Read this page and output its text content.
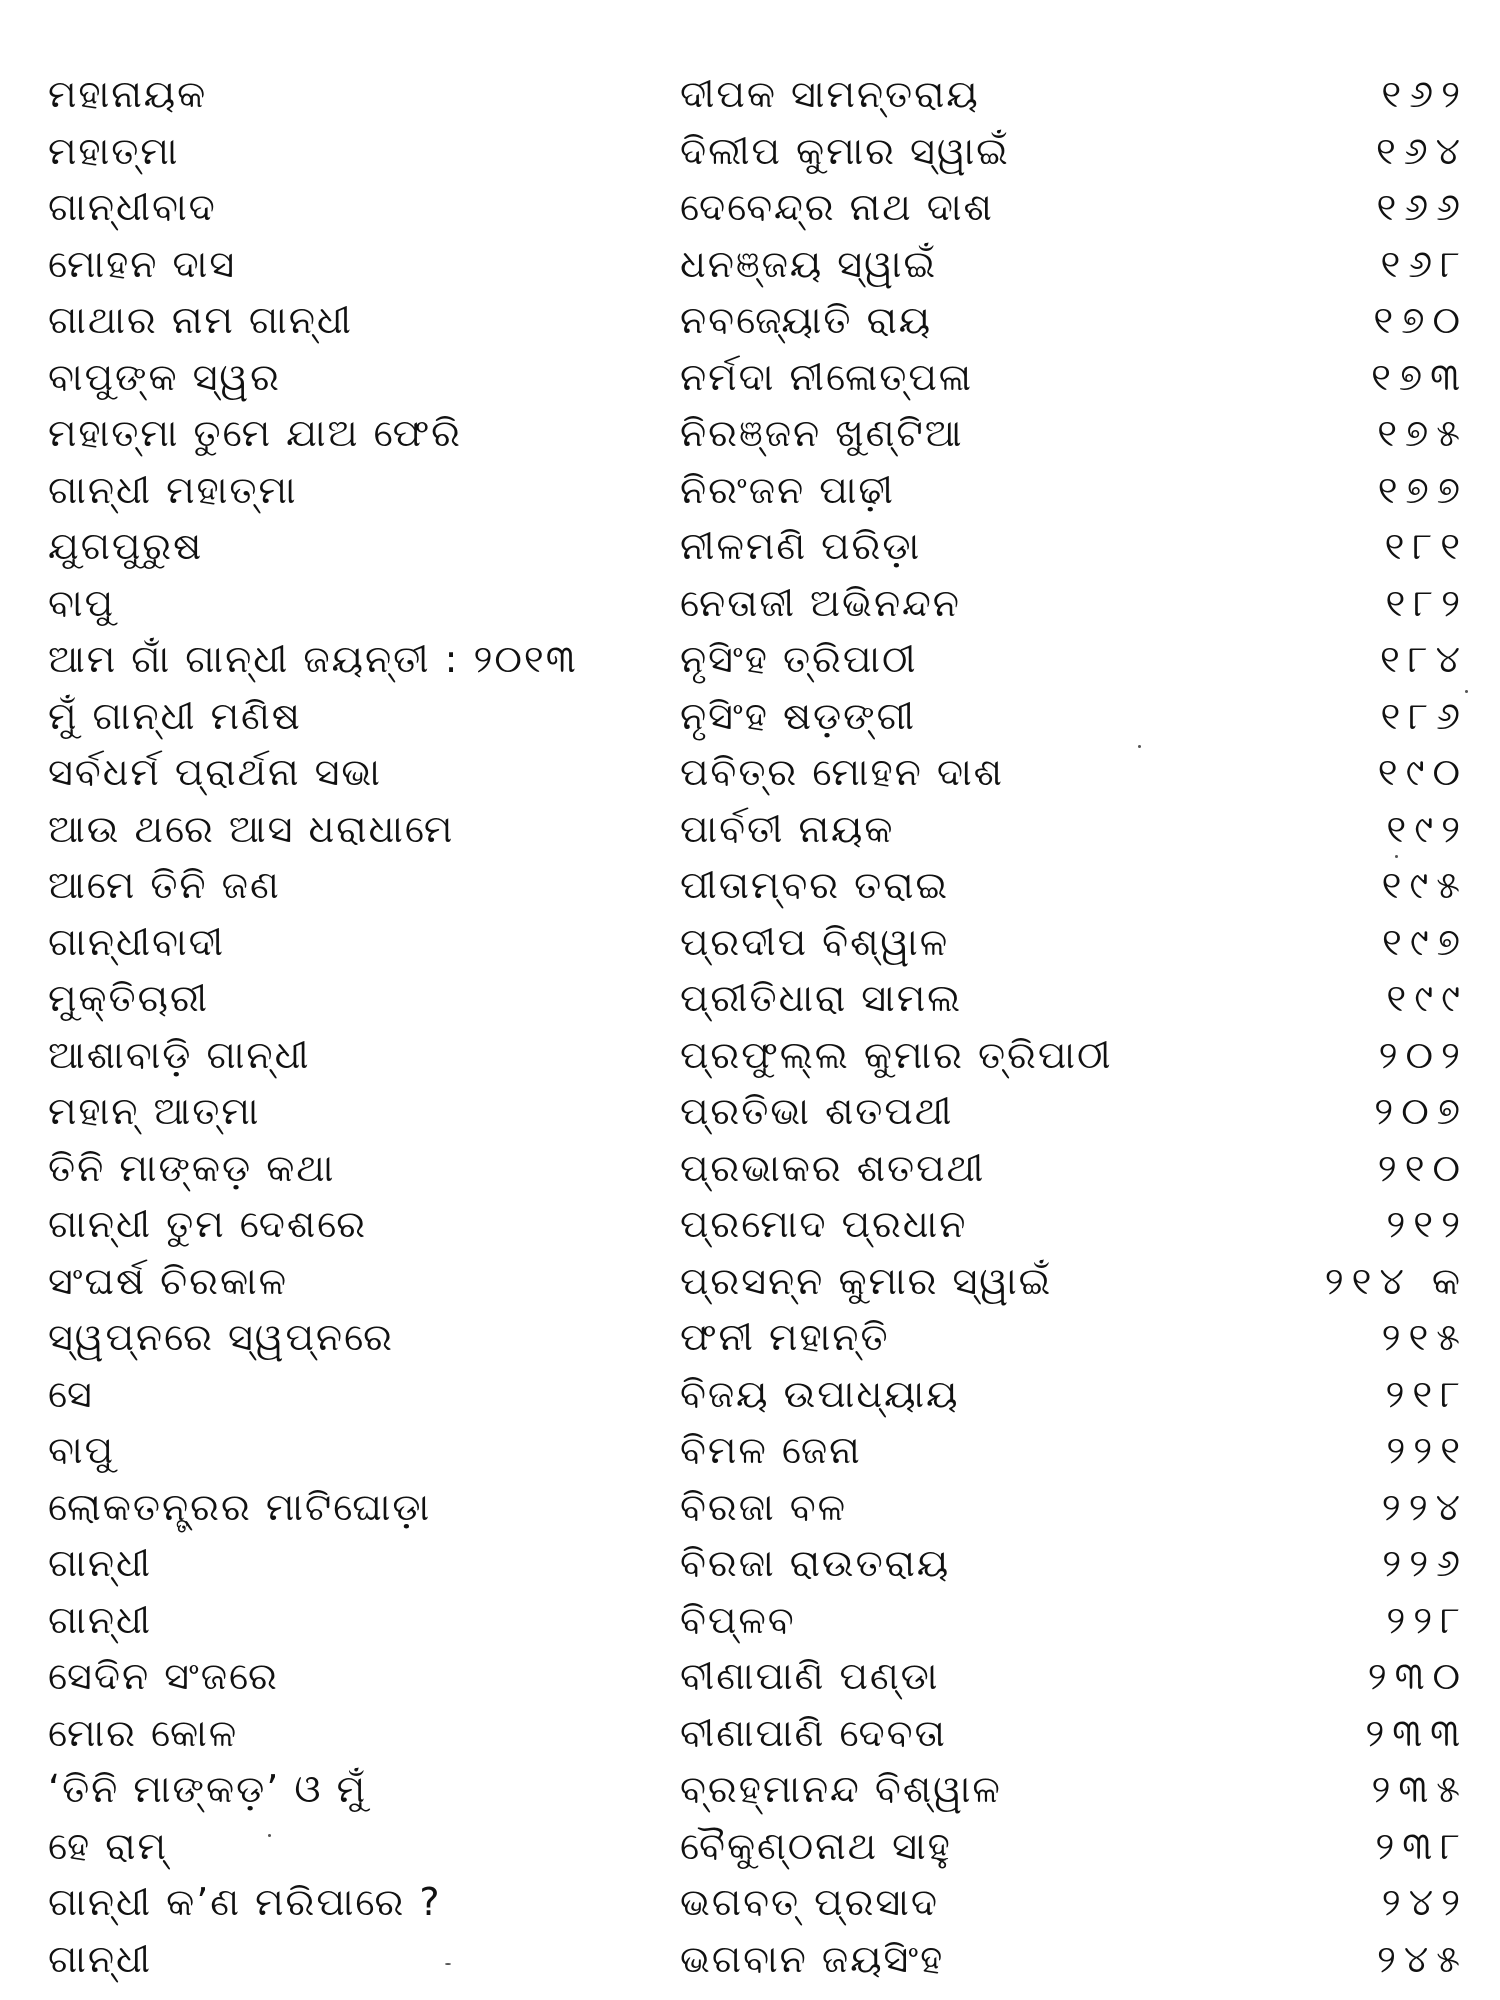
ମହାନାୟକ	ଦୀପକ ସାମନ୍ତରାୟ	୧୬୨
ମହାତ୍ମା	ଦିଲୀପ କୁମାର ସ୍ୱାଇଁ	୧୬୪
ଗାନ୍ଧୀବାଦ	ଦେବେନ୍ଦ୍ର ନାଥ ଦାଶ	୧୬୬
ମୋହନ ଦାସ	ଧନଞ୍ଜୟ ସ୍ୱାଇଁ	୧୬୮
ଗାଥାର ନାମ ଗାନ୍ଧୀ	ନବଜ୍ୟୋତି ରାୟ	୧୭୦
ବାପୁଙ୍କ ସ୍ୱର	ନର୍ମଦା ନୀଳୋତ୍ପଳା	୧୭୩
ମହାତ୍ମା ତୁମେ ଯାଅ ଫେରି	ନିରଞ୍ଜନ ଖୁଣ୍ଟିଆ	୧୭୫
ଗାନ୍ଧୀ ମହାତ୍ମା	ନିରଂଜନ ପାଢ଼ୀ	୧୭୭
ଯୁଗପୁରୁଷ	ନୀଳମଣି ପରିଡ଼ା	୧୮୧
ବାପୁ	ନେତାଜୀ ଅଭିନନ୍ଦନ	୧୮୨
ଆମ ଗାଁ ଗାନ୍ଧୀ ଜୟନ୍ତୀ : ୨୦୧୩	ନୃସିଂହ ତ୍ରିପାଠୀ	୧୮୪
ମୁଁ ଗାନ୍ଧୀ ମଣିଷ	ନୃସିଂହ ଷଡ଼ଙ୍ଗୀ	୧୮୬
ସର୍ବଧର୍ମ ପ୍ରାର୍ଥନା ସଭା	ପବିତ୍ର ମୋହନ ଦାଶ	୧୯୦
ଆଉ ଥରେ ଆସ ଧରାଧାମେ	ପାର୍ବତୀ ନାୟକ	୧୯୨
ଆମେ ତିନି ଜଣ	ପୀତାମ୍ବର ତରାଇ	୧୯୫
ଗାନ୍ଧୀବାଦୀ	ପ୍ରଦୀପ ବିଶ୍ୱାଳ	୧୯୭
ମୁକ୍ତିଚାରୀ	ପ୍ରୀତିଧାରା ସାମଲ	୧୯୯
ଆଶାବାଡ଼ି ଗାନ୍ଧୀ	ପ୍ରଫୁଲ୍ଲ କୁମାର ତ୍ରିପାଠୀ	୨୦୨
ମହାନ୍ ଆତ୍ମା	ପ୍ରତିଭା ଶତପଥୀ	୨୦୭
ତିନି ମାଙ୍କଡ଼ କଥା	ପ୍ରଭାକର ଶତପଥୀ	୨୧୦
ଗାନ୍ଧୀ ତୁମ ଦେଶରେ	ପ୍ରମୋଦ ପ୍ରଧାନ	୨୧୨
ସଂଘର୍ଷ ଚିରକାଳ	ପ୍ରସନ୍ନ କୁମାର ସ୍ୱାଇଁ	୨୧୪ କ
ସ୍ୱପ୍ନରେ ସ୍ୱପ୍ନରେ	ଫନୀ ମହାନ୍ତି	୨୧୫
ସେ	ବିଜୟ ଉପାଧ୍ୟାୟ	୨୧୮
ବାପୁ	ବିମଳ ଜେନା	୨୨୧
ଲୋକତନ୍ତ୍ରର ମାଟିଘୋଡ଼ା	ବିରଜା ବଳ	୨୨୪
ଗାନ୍ଧୀ	ବିରଜା ରାଉତରାୟ	୨୨୬
ଗାନ୍ଧୀ	ବିପ୍ଳବ	୨୨୮
ସେଦିନ ସଂଜରେ	ବୀଣାପାଣି ପଣ୍ଡା	୨୩୦
ମୋର କୋଳ	ବୀଣାପାଣି ଦେବତା	୨୩୩
‘ତିନି ମାଙ୍କଡ଼’ ଓ ମୁଁ	ବ୍ରହ୍ମାନନ୍ଦ ବିଶ୍ୱାଳ	୨୩୫
ହେ ରାମ୍	ବୈକୁଣ୍ଠନାଥ ସାହୁ	୨୩୮
ଗାନ୍ଧୀ କ’ଣ ମରିପାରେ ?	ଭଗବତ୍ ପ୍ରସାଦ	୨୪୨
ଗାନ୍ଧୀ	ଭଗବାନ ଜୟସିଂହ	୨୪୫
